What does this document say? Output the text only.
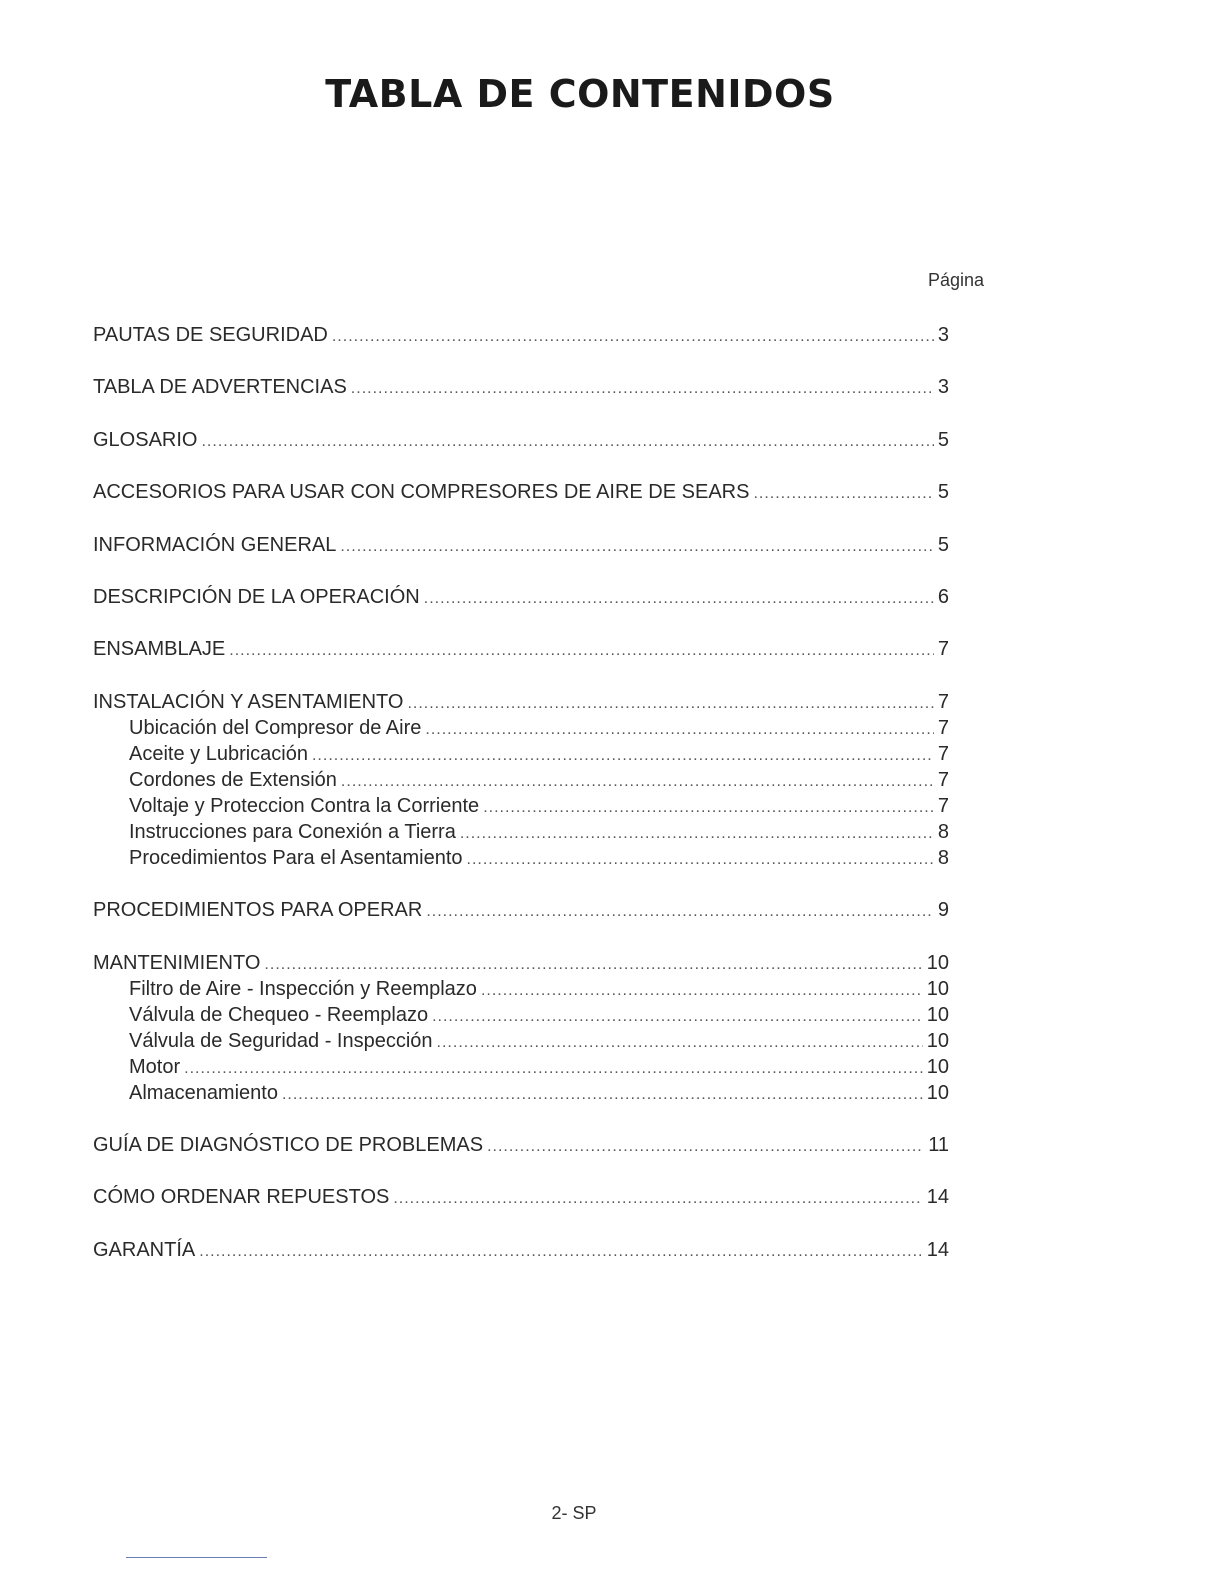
TABLA DE CONTENIDOS
Página
PAUTAS DE SEGURIDAD .....	3
TABLA DE ADVERTENCIAS .....	3
GLOSARIO .....	5
ACCESORIOS PARA USAR CON COMPRESORES DE AIRE DE SEARS .....	5
INFORMACIÓN GENERAL .....	5
DESCRIPCIÓN DE LA OPERACIÓN .....	6
ENSAMBLAJE .....	7
INSTALACIÓN Y ASENTAMIENTO .....	7
Ubicación del Compresor de Aire .....	7
Aceite y Lubricación .....	7
Cordones de Extensión .....	7
Voltaje y Proteccion Contra la Corriente .....	7
Instrucciones para Conexión a Tierra .....	8
Procedimientos Para el Asentamiento .....	8
PROCEDIMIENTOS PARA OPERAR .....	9
MANTENIMIENTO .....	10
Filtro de Aire - Inspección y Reemplazo .....	10
Válvula de Chequeo - Reemplazo .....	10
Válvula de Seguridad - Inspección .....	10
Motor .....	10
Almacenamiento .....	10
GUÍA DE DIAGNÓSTICO DE PROBLEMAS .....	11
CÓMO ORDENAR REPUESTOS .....	14
GARANTÍA .....	14
2- SP
